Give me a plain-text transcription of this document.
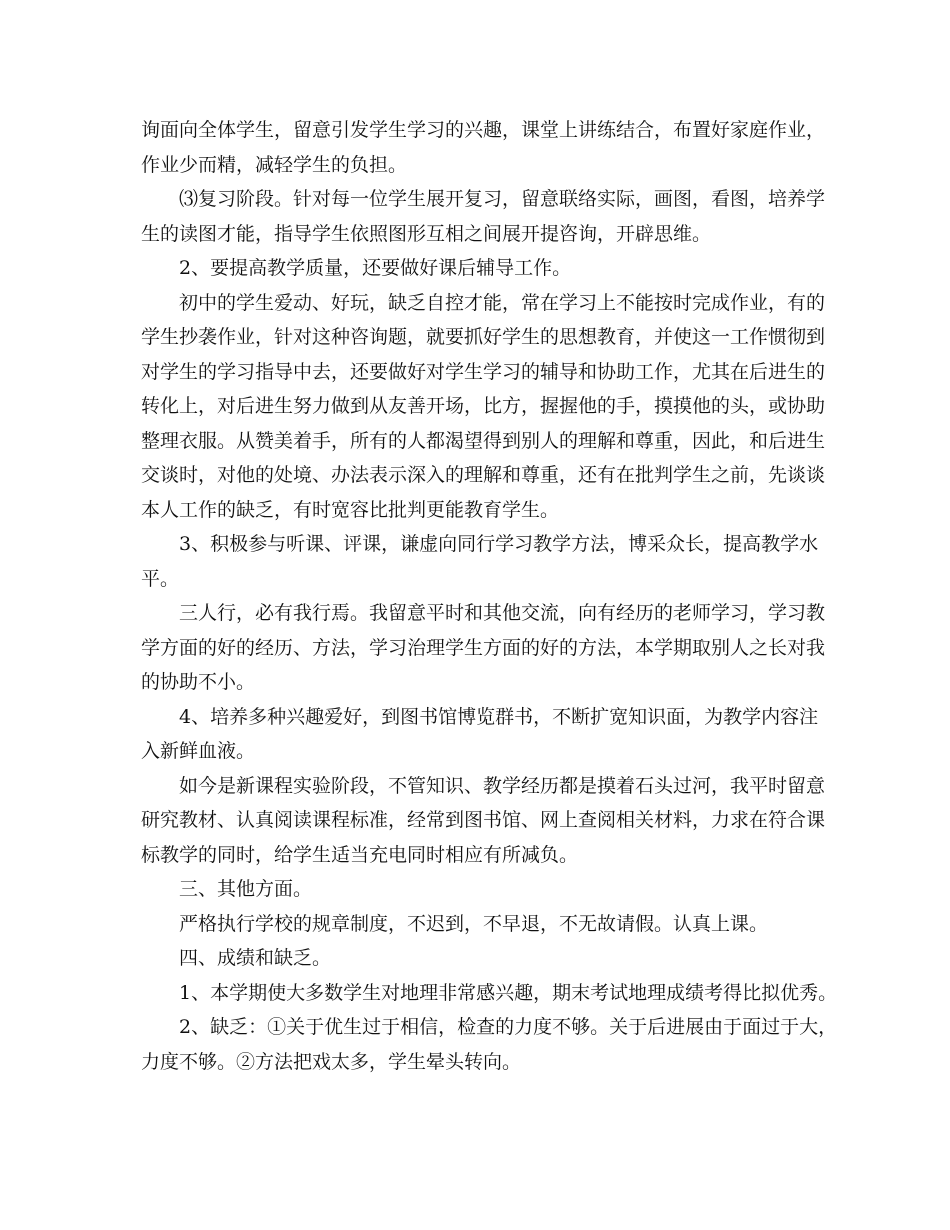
询面向全体学生，留意引发学生学习的兴趣，课堂上讲练结合，布置好家庭作业，
作业少而精，减轻学生的负担。
⑶复习阶段。针对每一位学生展开复习，留意联络实际，画图，看图，培养学
生的读图才能，指导学生依照图形互相之间展开提咨询，开辟思维。
2、要提高教学质量，还要做好课后辅导工作。
初中的学生爱动、好玩，缺乏自控才能，常在学习上不能按时完成作业，有的
学生抄袭作业，针对这种咨询题，就要抓好学生的思想教育，并使这一工作惯彻到
对学生的学习指导中去，还要做好对学生学习的辅导和协助工作，尤其在后进生的
转化上，对后进生努力做到从友善开场，比方，握握他的手，摸摸他的头，或协助
整理衣服。从赞美着手，所有的人都渴望得到别人的理解和尊重，因此，和后进生
交谈时，对他的处境、办法表示深入的理解和尊重，还有在批判学生之前，先谈谈
本人工作的缺乏，有时宽容比批判更能教育学生。
3、积极参与听课、评课，谦虚向同行学习教学方法，博采众长，提高教学水
平。
三人行，必有我行焉。我留意平时和其他交流，向有经历的老师学习，学习教
学方面的好的经历、方法，学习治理学生方面的好的方法，本学期取别人之长对我
的协助不小。
4、培养多种兴趣爱好，到图书馆博览群书，不断扩宽知识面，为教学内容注
入新鲜血液。
如今是新课程实验阶段，不管知识、教学经历都是摸着石头过河，我平时留意
研究教材、认真阅读课程标准，经常到图书馆、网上查阅相关材料，力求在符合课
标教学的同时，给学生适当充电同时相应有所减负。
三、其他方面。
严格执行学校的规章制度，不迟到，不早退，不无故请假。认真上课。
四、成绩和缺乏。
1、本学期使大多数学生对地理非常感兴趣，期末考试地理成绩考得比拟优秀。
2、缺乏：①关于优生过于相信，检查的力度不够。关于后进展由于面过于大，
力度不够。②方法把戏太多，学生晕头转向。
